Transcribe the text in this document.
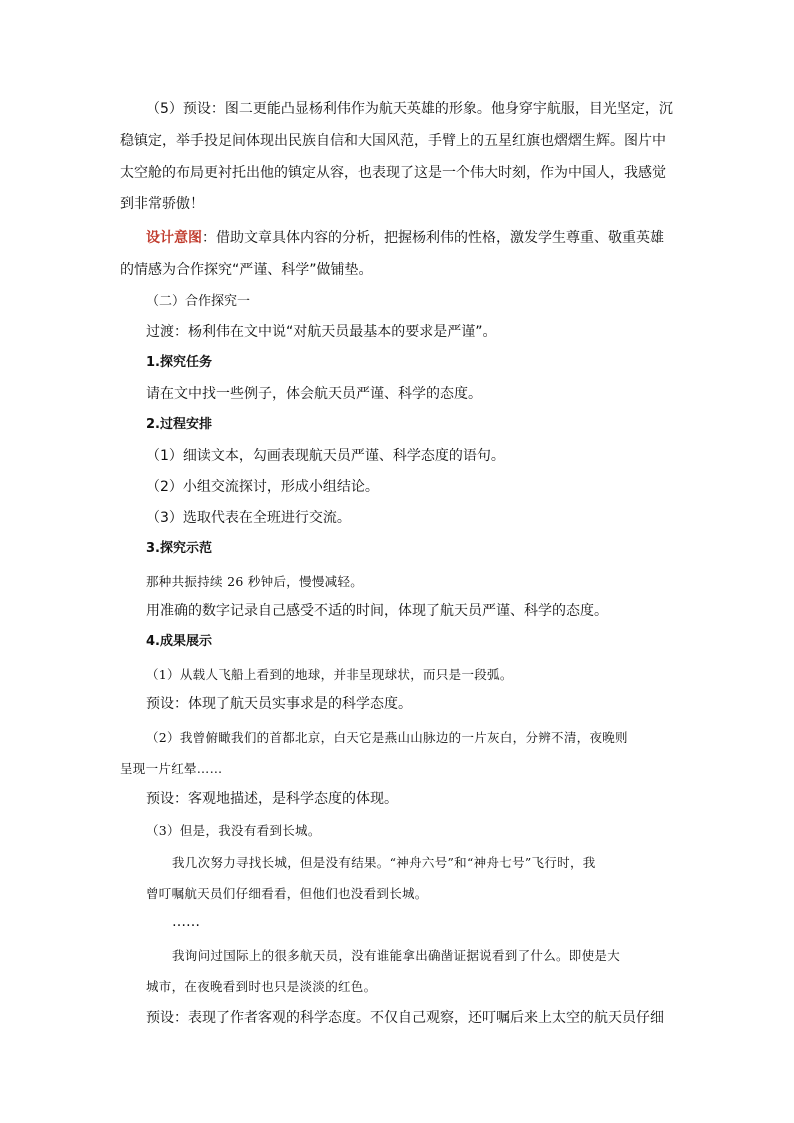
（5）预设：图二更能凸显杨利伟作为航天英雄的形象。他身穿宇航服，目光坚定，沉

稳镇定，举手投足间体现出民族自信和大国风范，手臂上的五星红旗也熠熠生辉。图片中

太空舱的布局更衬托出他的镇定从容，也表现了这是一个伟大时刻，作为中国人，我感觉

到非常骄傲！

设计意图：借助文章具体内容的分析，把握杨利伟的性格，激发学生尊重、敬重英雄

的情感为合作探究“严谨、科学”做铺垫。

（二）合作探究一

过渡：杨利伟在文中说“对航天员最基本的要求是严谨”。

1.探究任务

请在文中找一些例子，体会航天员严谨、科学的态度。

2.过程安排

（1）细读文本，勾画表现航天员严谨、科学态度的语句。

（2）小组交流探讨，形成小组结论。

（3）选取代表在全班进行交流。

3.探究示范

那种共振持续 26 秒钟后，慢慢减轻。

用准确的数字记录自己感受不适的时间，体现了航天员严谨、科学的态度。

4.成果展示

（1）从载人飞船上看到的地球，并非呈现球状，而只是一段弧。

预设：体现了航天员实事求是的科学态度。

（2）我曾俯瞰我们的首都北京，白天它是燕山山脉边的一片灰白，分辨不清，夜晚则

呈现一片红晕……

预设：客观地描述，是科学态度的体现。

（3）但是，我没有看到长城。

我几次努力寻找长城，但是没有结果。“神舟六号”和“神舟七号”飞行时，我

曾叮嘱航天员们仔细看看，但他们也没看到长城。

……

我询问过国际上的很多航天员，没有谁能拿出确凿证据说看到了什么。即使是大

城市，在夜晚看到时也只是淡淡的红色。

预设：表现了作者客观的科学态度。不仅自己观察，还叮嘱后来上太空的航天员仔细
